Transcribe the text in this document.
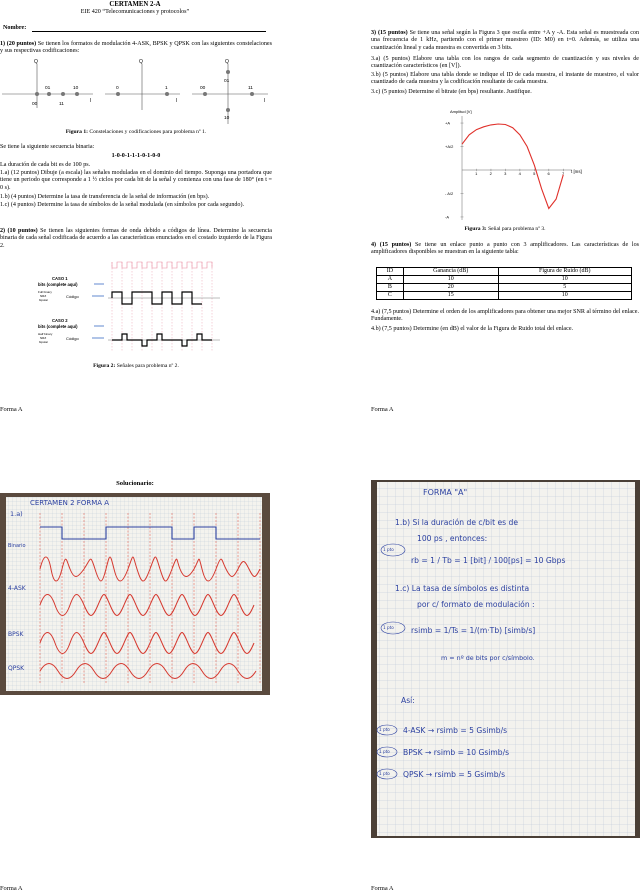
CERTAMEN 2-A
EIE 420 “Telecomunicaciones y protocolos”
Nombre:
1) (20 puntos) Se tienen los formatos de modulación 4-ASK, BPSK y QPSK con las siguientes constelaciones y sus respectivas codificaciones:
Q
I
00
01
11
10
Q
I
0	1
Q
I
00
01
11
10
Figura 1: Constelaciones y codificaciones para problema nº 1.
Se tiene la siguiente secuencia binaria:
1-0-0-1-1-1-0-1-0-0
La duración de cada bit es de 100 ps.
1.a) (12 puntos) Dibuje (a escala) las señales moduladas en el dominio del tiempo. Suponga una portadora que tiene un periodo que corresponde a 1 ½ ciclos por cada bit de la señal y comienza con una fase de 180° (en t = 0 s).
1.b) (4 puntos) Determine la tasa de transferencia de la señal de información (en bps).
1.c) (4 puntos) Determine la tasa de símbolos de la señal modulada (en símbolos por cada segundo).
2) (10 puntos) Se tienen las siguientes formas de onda debido a códigos de línea. Determine la secuencia binaria de cada señal codificada de acuerdo a las características enunciados en el costado izquierdo de la Figura 2.
CASO 1
bits (complete aquí)
Full binary
NRZ
bipolar
Código
CASO 2
bits (complete aquí)
Half binary
NRZ
bipolar
Código
Figura 2: Señales para problema nº 2.
Forma A
3) (15 puntos) Se tiene una señal según la Figura 3 que oscila entre +A y -A. Esta señal es muestreada con una frecuencia de 1 kHz, partiendo con el primer muestreo (ID: M0) en t=0. Además, se utiliza una cuantización lineal y cada muestra es convertida en 3 bits.
3.a) (5 puntos) Elabore una tabla con los rangos de cada segmento de cuantización y sus niveles de cuantización característicos (en [V]).
3.b) (5 puntos) Elabore una tabla donde se indique el ID de cada muestra, el instante de muestreo, el valor cuantizado de cada muestra y la codificación resultante de cada muestra.
3.c) (5 puntos) Determine el bitrate (en bps) resultante. Justifique.
Amplitud [V]
t [ms]
1	2	3	4	5	6	7
+A
+A/2
- A/2
-A
Figura 3: Señal para problema nº 3.
4) (15 puntos) Se tiene un enlace punto a punto con 3 amplificadores. Las características de los amplificadores disponibles se muestran en la siguiente tabla:
ID	Ganancia (dB)	Figura de Ruido (dB)
A	10	10
B	20	5
C	15	10
4.a) (7,5 puntos) Determine el orden de los amplificadores para obtener una mejor SNR al término del enlace. Fundamente.
4.b) (7,5 puntos) Determine (en dB) el valor de la Figura de Ruido total del enlace.
Forma A
Solucionario:
CERTAMEN 2 FORMA A
1.a)
Binario
4-ASK
BPSK
QPSK
Forma A
FORMA "A"
1.b) Si la duración de c/bit es de
100 ps , entonces:
rb = 1 / Tb = 1 [bit] / 100[ps] = 10 Gbps
1.c) La tasa de símbolos es distinta
por c/ formato de modulación :
rsimb = 1/Ts = 1/(m·Tb) [simb/s]
m = nº de bits por c/símbolo.
Así:
4-ASK → rsimb = 5 Gsimb/s
BPSK → rsimb = 10 Gsimb/s
QPSK → rsimb = 5 Gsimb/s
1 pto
1 pto
1 pto
1 pto
1 pto
Forma A
